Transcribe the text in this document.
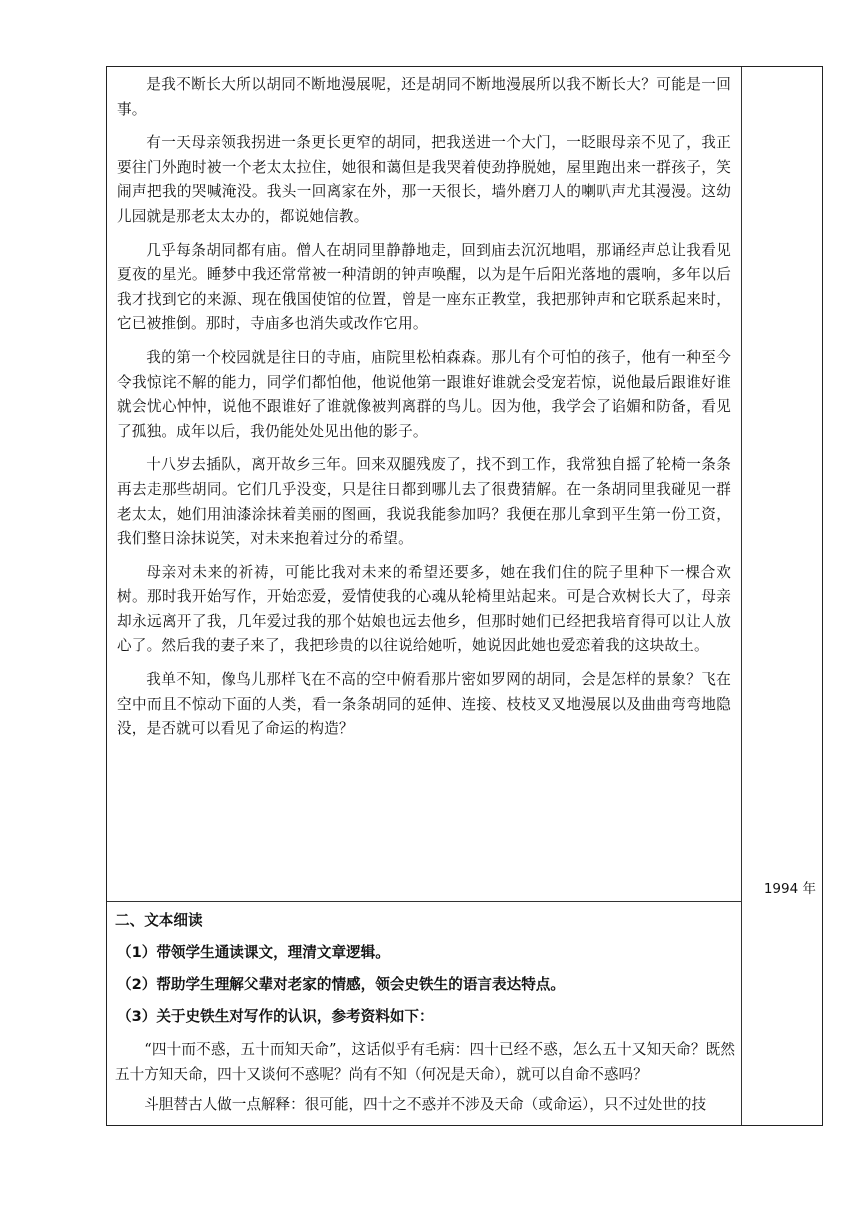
是我不断长大所以胡同不断地漫展呢，还是胡同不断地漫展所以我不断长大？可能是一回事。

有一天母亲领我拐进一条更长更窄的胡同，把我送进一个大门，一眨眼母亲不见了，我正要往门外跑时被一个老太太拉住，她很和蔼但是我哭着使劲挣脱她，屋里跑出来一群孩子，笑闹声把我的哭喊淹没。我头一回离家在外，那一天很长，墙外磨刀人的喇叭声尤其漫漫。这幼儿园就是那老太太办的，都说她信教。

几乎每条胡同都有庙。僧人在胡同里静静地走，回到庙去沉沉地唱，那诵经声总让我看见夏夜的星光。睡梦中我还常常被一种清朗的钟声唤醒，以为是午后阳光落地的震响，多年以后我才找到它的来源、现在俄国使馆的位置，曾是一座东正教堂，我把那钟声和它联系起来时，它已被推倒。那时，寺庙多也消失或改作它用。

我的第一个校园就是往日的寺庙，庙院里松柏森森。那儿有个可怕的孩子，他有一种至今令我惊诧不解的能力，同学们都怕他，他说他第一跟谁好谁就会受宠若惊，说他最后跟谁好谁就会忧心忡忡，说他不跟谁好了谁就像被判离群的鸟儿。因为他，我学会了谄媚和防备，看见了孤独。成年以后，我仍能处处见出他的影子。

十八岁去插队，离开故乡三年。回来双腿残废了，找不到工作，我常独自摇了轮椅一条条再去走那些胡同。它们几乎没变，只是往日都到哪儿去了很费猜解。在一条胡同里我碰见一群老太太，她们用油漆涂抹着美丽的图画，我说我能参加吗？我便在那儿拿到平生第一份工资，我们整日涂抹说笑，对未来抱着过分的希望。

母亲对未来的祈祷，可能比我对未来的希望还要多，她在我们住的院子里种下一棵合欢树。那时我开始写作，开始恋爱，爱情使我的心魂从轮椅里站起来。可是合欢树长大了，母亲却永远离开了我，几年爱过我的那个姑娘也远去他乡，但那时她们已经把我培育得可以让人放心了。然后我的妻子来了，我把珍贵的以往说给她听，她说因此她也爱恋着我的这块故土。

我单不知，像鸟儿那样飞在不高的空中俯看那片密如罗网的胡同，会是怎样的景象？飞在空中而且不惊动下面的人类，看一条条胡同的延伸、连接、枝枝叉叉地漫展以及曲曲弯弯地隐没，是否就可以看见了命运的构造？

1994 年
二、文本细读
（1）带领学生通读课文，理清文章逻辑。
（2）帮助学生理解父辈对老家的情感，领会史铁生的语言表达特点。
（3）关于史铁生对写作的认识，参考资料如下：

“四十而不惑，五十而知天命”，这话似乎有毛病：四十已经不惑，怎么五十又知天命？既然五十方知天命，四十又谈何不惑呢？尚有不知（何况是天命），就可以自命不惑吗？

斗胆替古人做一点解释：很可能，四十之不惑并不涉及天命（或命运），只不过处世的技
